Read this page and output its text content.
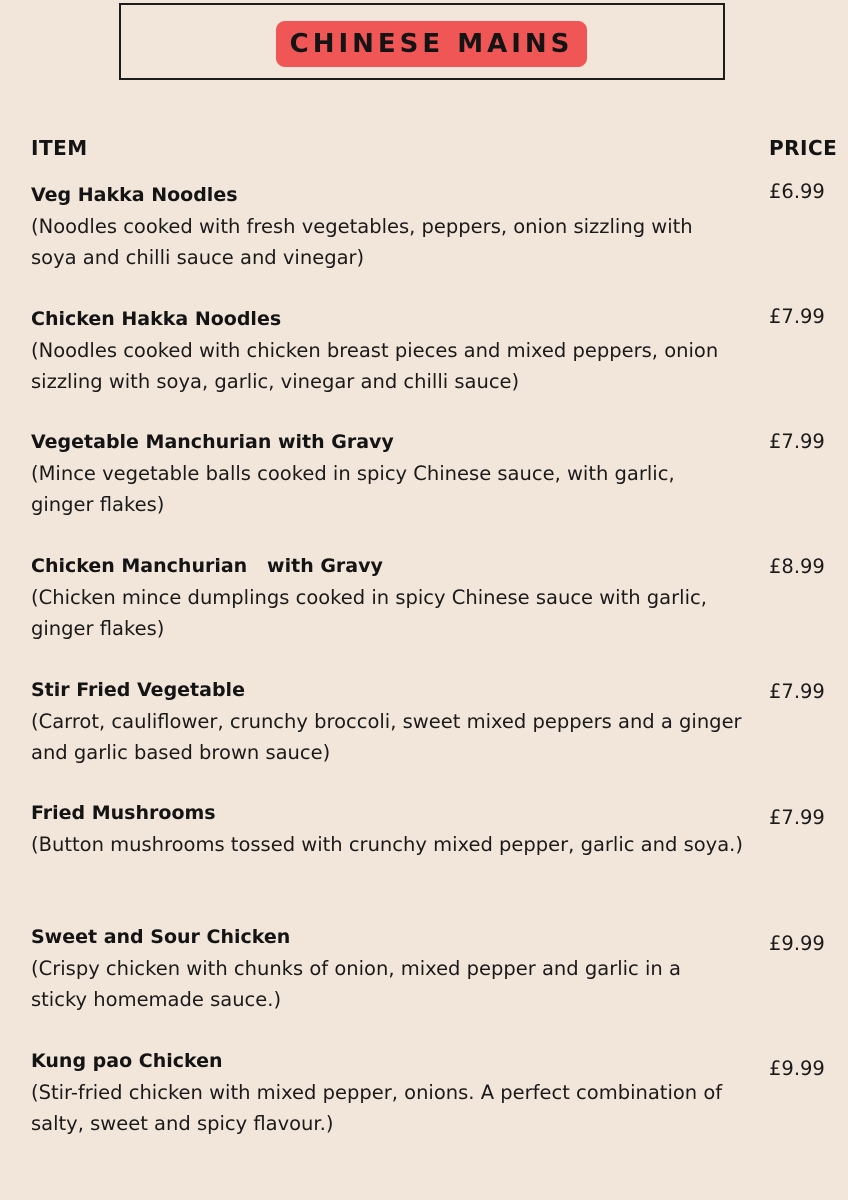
CHINESE MAINS
ITEM	PRICE
Veg Hakka Noodles
(Noodles cooked with fresh vegetables, peppers, onion sizzling with soya and chilli sauce and vinegar)
£6.99
Chicken Hakka Noodles
(Noodles cooked with chicken breast pieces and mixed peppers, onion sizzling with soya, garlic, vinegar and chilli sauce)
£7.99
Vegetable Manchurian with Gravy
(Mince vegetable balls cooked in spicy Chinese sauce, with garlic, ginger flakes)
£7.99
Chicken Manchurian   with Gravy
(Chicken mince dumplings cooked in spicy Chinese sauce with garlic, ginger flakes)
£8.99
Stir Fried Vegetable
(Carrot, cauliflower, crunchy broccoli, sweet mixed peppers and a ginger and garlic based brown sauce)
£7.99
Fried Mushrooms
(Button mushrooms tossed with crunchy mixed pepper, garlic and soya.)
£7.99
Sweet and Sour Chicken
(Crispy chicken with chunks of onion, mixed pepper and garlic in a sticky homemade sauce.)
£9.99
Kung pao Chicken
(Stir-fried chicken with mixed pepper, onions. A perfect combination of salty, sweet and spicy flavour.)
£9.99
